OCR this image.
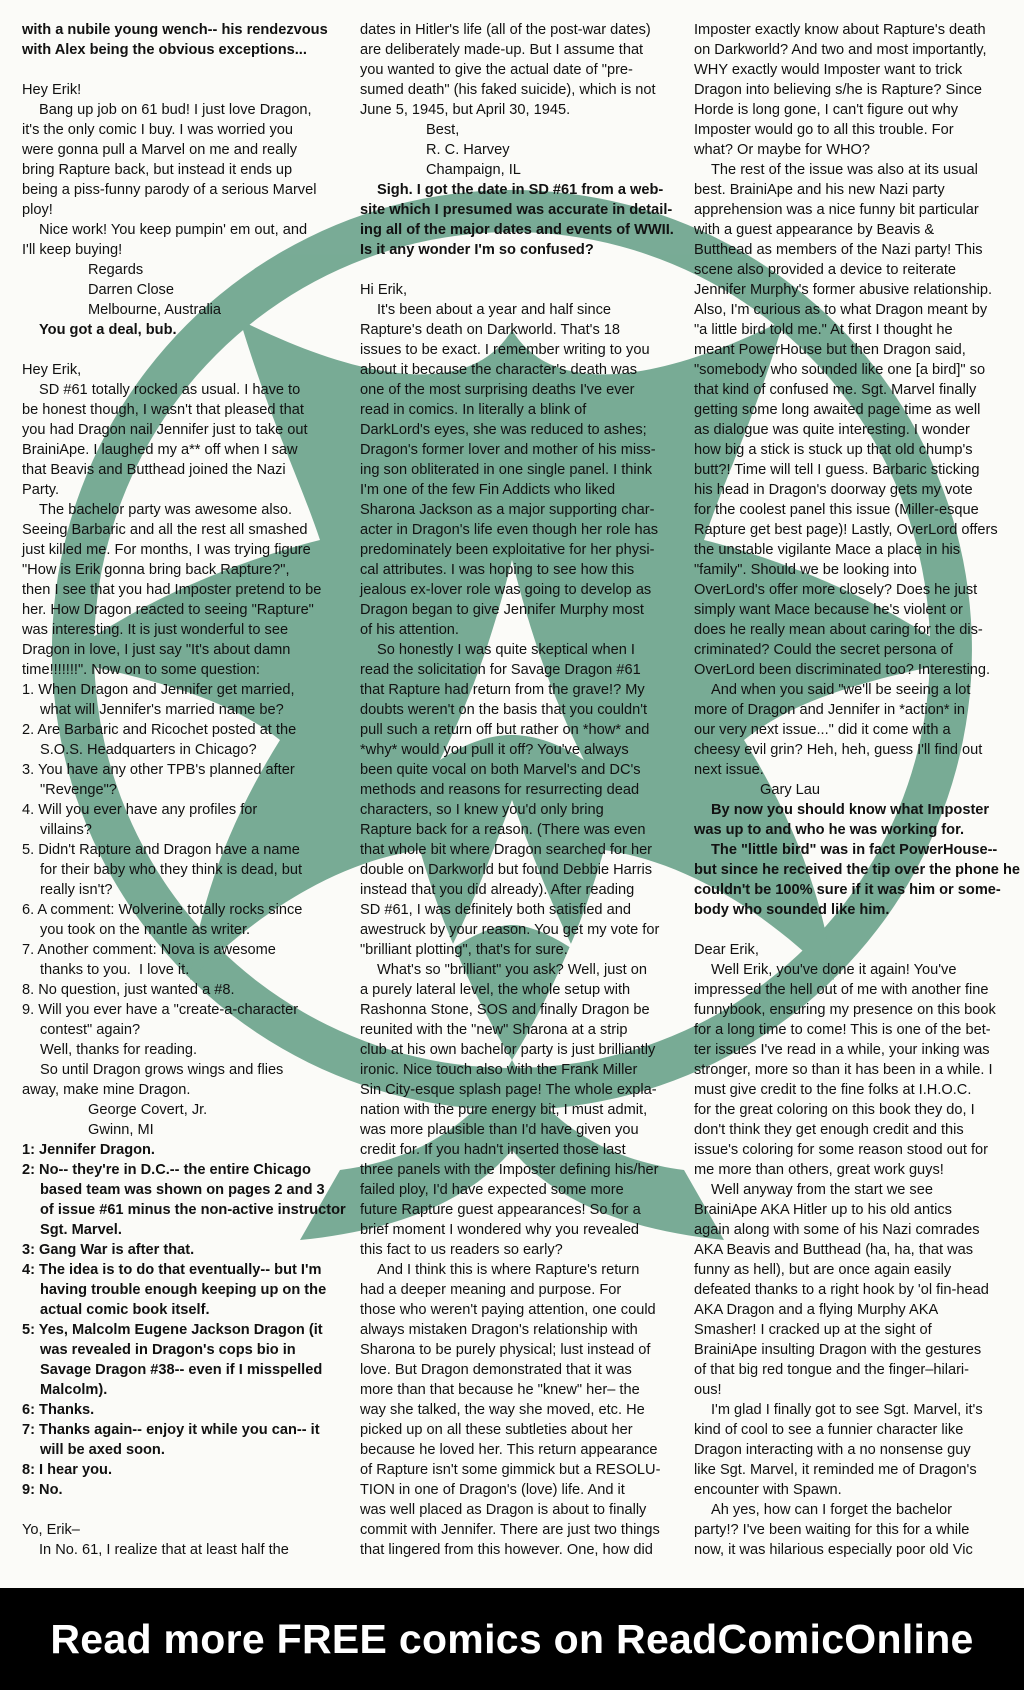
with a nubile young wench-- his rendezvous

with Alex being the obvious exceptions...

Hey Erik!

Bang up job on 61 bud! I just love Dragon,

it's the only comic I buy. I was worried you

were gonna pull a Marvel on me and really

bring Rapture back, but instead it ends up

being a piss-funny parody of a serious Marvel

ploy!

Nice work! You keep pumpin' em out, and

I'll keep buying!

Regards

Darren Close

Melbourne, Australia

You got a deal, bub.

Hey Erik,

SD #61 totally rocked as usual. I have to

be honest though, I wasn't that pleased that

you had Dragon nail Jennifer just to take out

BrainiApe. I laughed my a** off when I saw

that Beavis and Butthead joined the Nazi

Party.

The bachelor party was awesome also.

Seeing Barbaric and all the rest all smashed

just killed me. For months, I was trying figure

"How is Erik gonna bring back Rapture?",

then I see that you had Imposter pretend to be

her. How Dragon reacted to seeing "Rapture"

was interesting. It is just wonderful to see

Dragon in love, I just say "It's about damn

time!!!!!!!". Now on to some question:

1. When Dragon and Jennifer get married,

what will Jennifer's married name be?

2. Are Barbaric and Ricochet posted at the

S.O.S. Headquarters in Chicago?

3. You have any other TPB's planned after

"Revenge"?

4. Will you ever have any profiles for

villains?

5. Didn't Rapture and Dragon have a name

for their baby who they think is dead, but

really isn't?

6. A comment: Wolverine totally rocks since

you took on the mantle as writer.

7. Another comment: Nova is awesome

thanks to you.  I love it.

8. No question, just wanted a #8.

9. Will you ever have a "create-a-character

contest" again?

Well, thanks for reading.

So until Dragon grows wings and flies

away, make mine Dragon.

George Covert, Jr.

Gwinn, MI

1: Jennifer Dragon.

2: No-- they're in D.C.-- the entire Chicago

based team was shown on pages 2 and 3

of issue #61 minus the non-active instructor

Sgt. Marvel.

3: Gang War is after that.

4: The idea is to do that eventually-- but I'm

having trouble enough keeping up on the

actual comic book itself.

5: Yes, Malcolm Eugene Jackson Dragon (it

was revealed in Dragon's cops bio in

Savage Dragon #38-- even if I misspelled

Malcolm).

6: Thanks.

7: Thanks again-- enjoy it while you can-- it

will be axed soon.

8: I hear you.

9: No.

Yo, Erik–

In No. 61, I realize that at least half the

dates in Hitler's life (all of the post-war dates)

are deliberately made-up. But I assume that

you wanted to give the actual date of "pre-

sumed death" (his faked suicide), which is not

June 5, 1945, but April 30, 1945.

Best,

R. C. Harvey

Champaign, IL

Sigh. I got the date in SD #61 from a web-

site which I presumed was accurate in detail-

ing all of the major dates and events of WWII.

Is it any wonder I'm so confused?

Hi Erik,

It's been about a year and half since

Rapture's death on Darkworld. That's 18

issues to be exact. I remember writing to you

about it because the character's death was

one of the most surprising deaths I've ever

read in comics. In literally a blink of

DarkLord's eyes, she was reduced to ashes;

Dragon's former lover and mother of his miss-

ing son obliterated in one single panel. I think

I'm one of the few Fin Addicts who liked

Sharona Jackson as a major supporting char-

acter in Dragon's life even though her role has

predominately been exploitative for her physi-

cal attributes. I was hoping to see how this

jealous ex-lover role was going to develop as

Dragon began to give Jennifer Murphy most

of his attention.

So honestly I was quite skeptical when I

read the solicitation for Savage Dragon #61

that Rapture had return from the grave!? My

doubts weren't on the basis that you couldn't

pull such a return off but rather on *how* and

*why* would you pull it off? You've always

been quite vocal on both Marvel's and DC's

methods and reasons for resurrecting dead

characters, so I knew you'd only bring

Rapture back for a reason. (There was even

that whole bit where Dragon searched for her

double on Darkworld but found Debbie Harris

instead that you did already). After reading

SD #61, I was definitely both satisfied and

awestruck by your reason. You get my vote for

"brilliant plotting", that's for sure.

What's so "brilliant" you ask? Well, just on

a purely lateral level, the whole setup with

Rashonna Stone, SOS and finally Dragon be

reunited with the "new" Sharona at a strip

club at his own bachelor party is just brilliantly

ironic. Nice touch also with the Frank Miller

Sin City-esque splash page! The whole expla-

nation with the pure energy bit, I must admit,

was more plausible than I'd have given you

credit for. If you hadn't inserted those last

three panels with the Imposter defining his/her

failed ploy, I'd have expected some more

future Rapture guest appearances! So for a

brief moment I wondered why you revealed

this fact to us readers so early?

And I think this is where Rapture's return

had a deeper meaning and purpose. For

those who weren't paying attention, one could

always mistaken Dragon's relationship with

Sharona to be purely physical; lust instead of

love. But Dragon demonstrated that it was

more than that because he "knew" her– the

way she talked, the way she moved, etc. He

picked up on all these subtleties about her

because he loved her. This return appearance

of Rapture isn't some gimmick but a RESOLU-

TION in one of Dragon's (love) life. And it

was well placed as Dragon is about to finally

commit with Jennifer. There are just two things

that lingered from this however. One, how did

Imposter exactly know about Rapture's death

on Darkworld? And two and most importantly,

WHY exactly would Imposter want to trick

Dragon into believing s/he is Rapture? Since

Horde is long gone, I can't figure out why

Imposter would go to all this trouble. For

what? Or maybe for WHO?

The rest of the issue was also at its usual

best. BrainiApe and his new Nazi party

apprehension was a nice funny bit particular

with a guest appearance by Beavis &

Butthead as members of the Nazi party! This

scene also provided a device to reiterate

Jennifer Murphy's former abusive relationship.

Also, I'm curious as to what Dragon meant by

"a little bird told me." At first I thought he

meant PowerHouse but then Dragon said,

"somebody who sounded like one [a bird]" so

that kind of confused me. Sgt. Marvel finally

getting some long awaited page time as well

as dialogue was quite interesting. I wonder

how big a stick is stuck up that old chump's

butt?! Time will tell I guess. Barbaric sticking

his head in Dragon's doorway gets my vote

for the coolest panel this issue (Miller-esque

Rapture get best page)! Lastly, OverLord offers

the unstable vigilante Mace a place in his

"family". Should we be looking into

OverLord's offer more closely? Does he just

simply want Mace because he's violent or

does he really mean about caring for the dis-

criminated? Could the secret persona of

OverLord been discriminated too? Interesting.

And when you said "we'll be seeing a lot

more of Dragon and Jennifer in *action* in

our very next issue..." did it come with a

cheesy evil grin? Heh, heh, guess I'll find out

next issue.

Gary Lau

By now you should know what Imposter

was up to and who he was working for.

The "little bird" was in fact PowerHouse--

but since he received the tip over the phone he

couldn't be 100% sure if it was him or some-

body who sounded like him.

Dear Erik,

Well Erik, you've done it again! You've

impressed the hell out of me with another fine

funnybook, ensuring my presence on this book

for a long time to come! This is one of the bet-

ter issues I've read in a while, your inking was

stronger, more so than it has been in a while. I

must give credit to the fine folks at I.H.O.C.

for the great coloring on this book they do, I

don't think they get enough credit and this

issue's coloring for some reason stood out for

me more than others, great work guys!

Well anyway from the start we see

BrainiApe AKA Hitler up to his old antics

again along with some of his Nazi comrades

AKA Beavis and Butthead (ha, ha, that was

funny as hell), but are once again easily

defeated thanks to a right hook by 'ol fin-head

AKA Dragon and a flying Murphy AKA

Smasher! I cracked up at the sight of

BrainiApe insulting Dragon with the gestures

of that big red tongue and the finger–hilari-

ous!

I'm glad I finally got to see Sgt. Marvel, it's

kind of cool to see a funnier character like

Dragon interacting with a no nonsense guy

like Sgt. Marvel, it reminded me of Dragon's

encounter with Spawn.

Ah yes, how can I forget the bachelor

party!? I've been waiting for this for a while

now, it was hilarious especially poor old Vic

Read more FREE comics on ReadComicOnline
